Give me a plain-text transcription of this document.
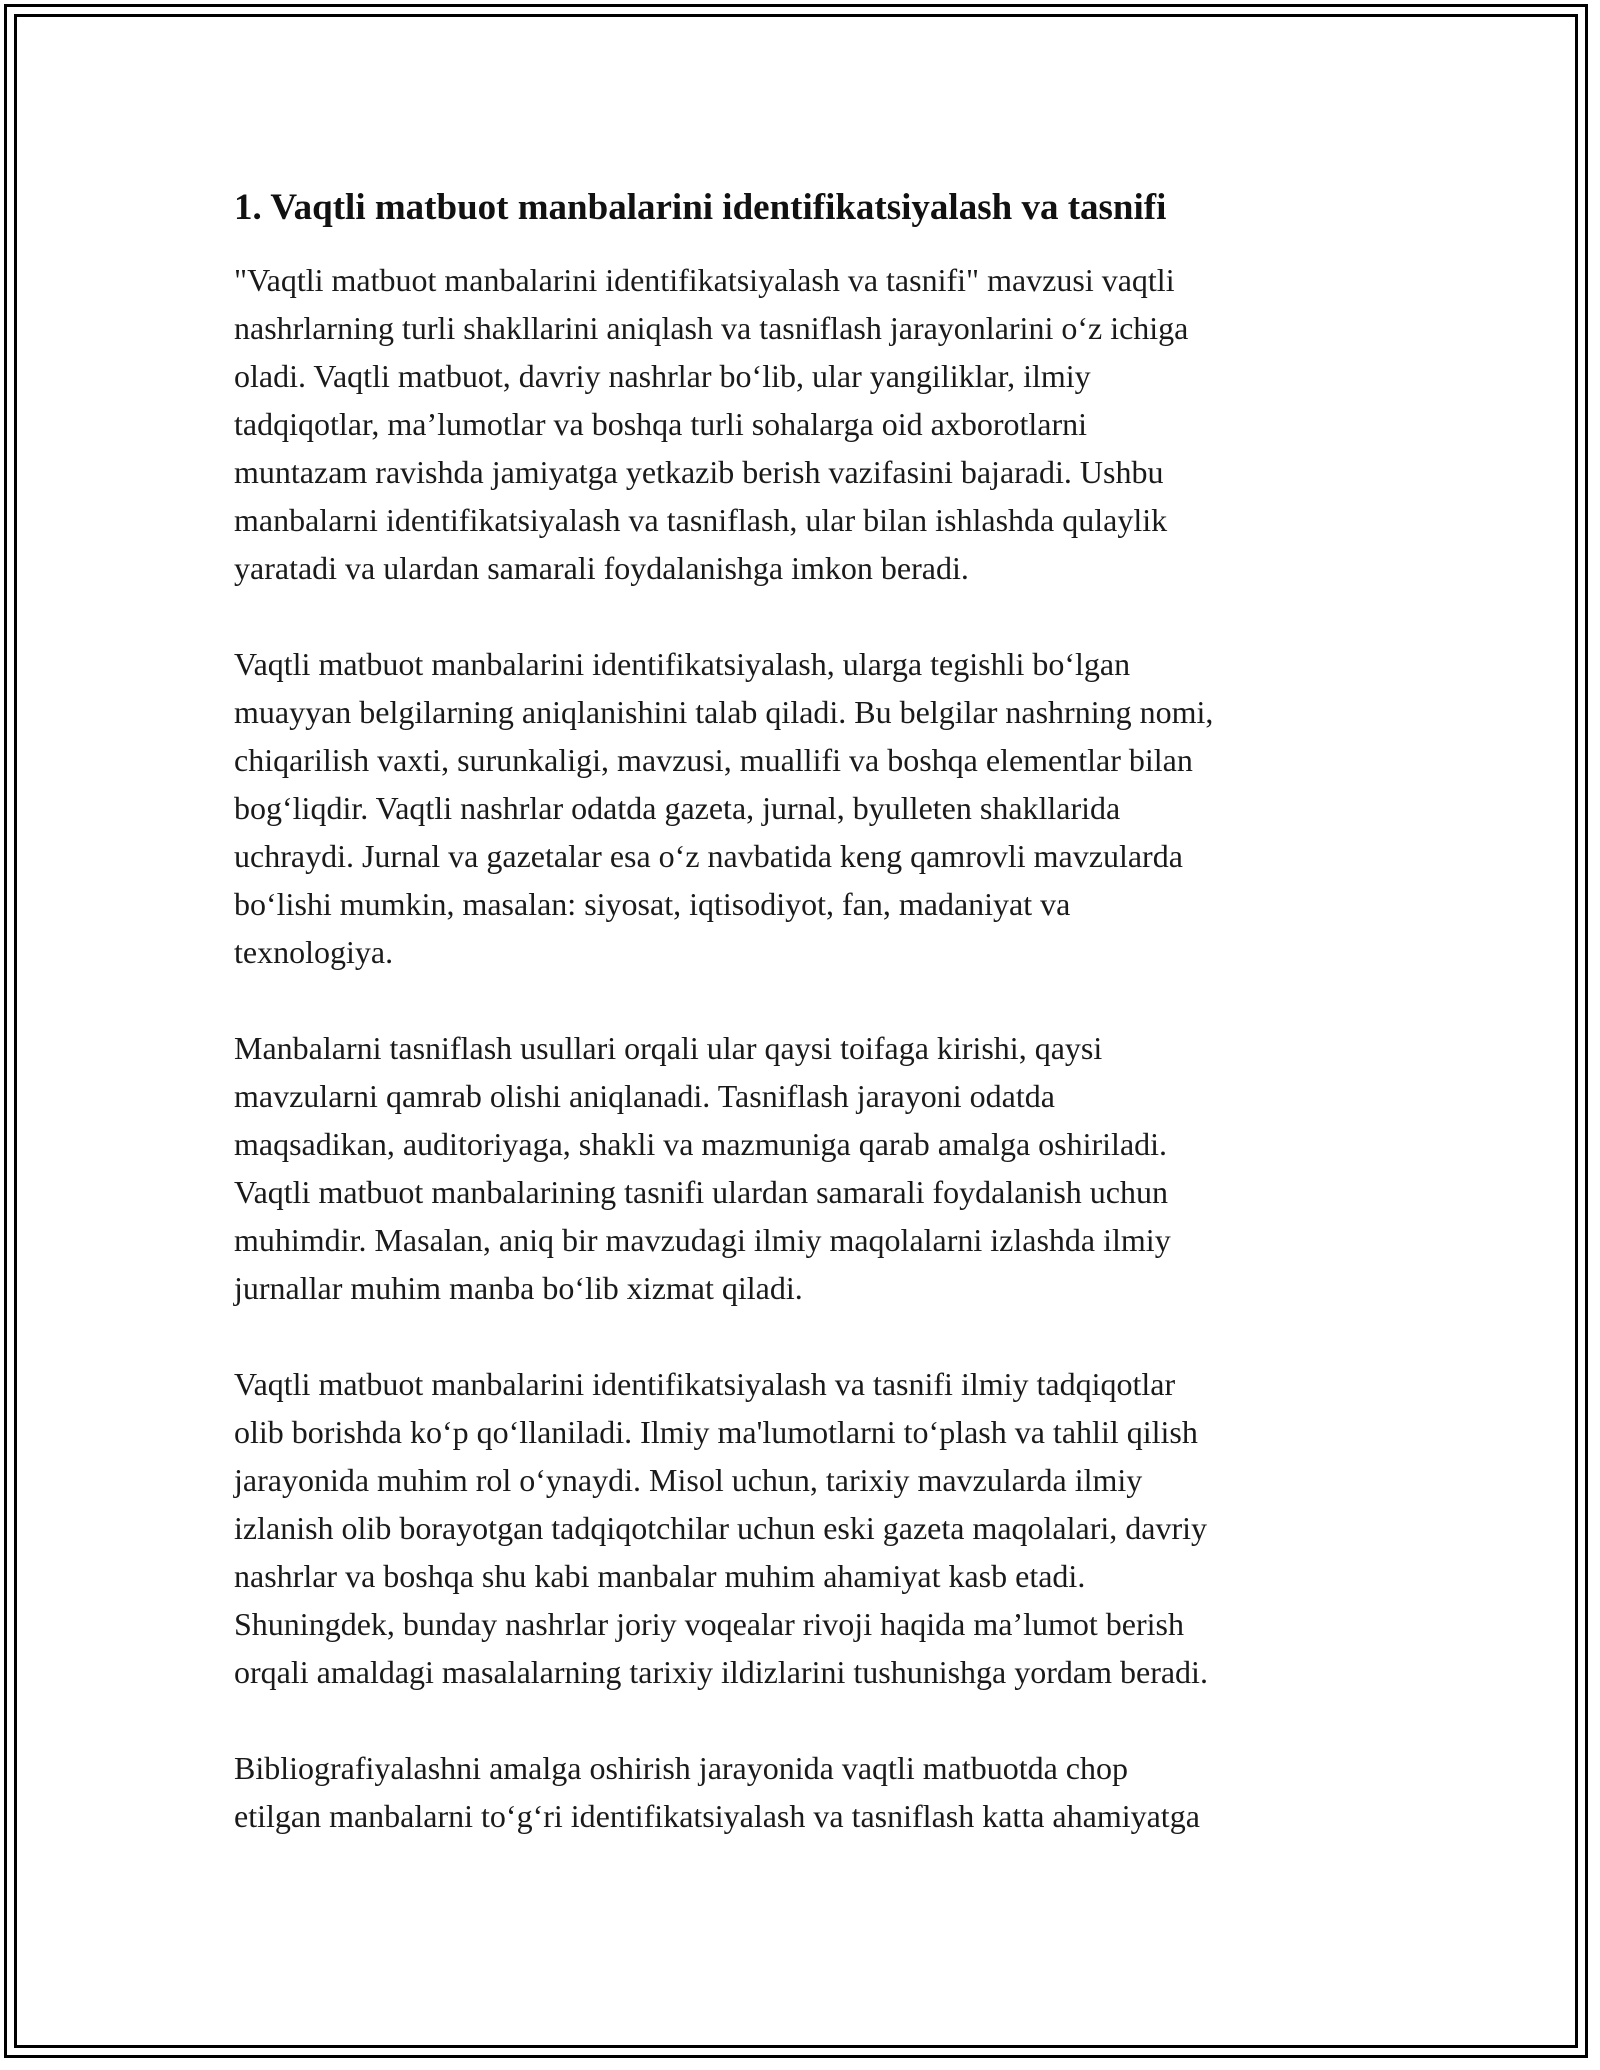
1. Vaqtli matbuot manbalarini identifikatsiyalash va tasnifi
"Vaqtli matbuot manbalarini identifikatsiyalash va tasnifi" mavzusi vaqtli
nashrlarning turli shakllarini aniqlash va tasniflash jarayonlarini o‘z ichiga
oladi. Vaqtli matbuot, davriy nashrlar bo‘lib, ular yangiliklar, ilmiy
tadqiqotlar, ma’lumotlar va boshqa turli sohalarga oid axborotlarni
muntazam ravishda jamiyatga yetkazib berish vazifasini bajaradi. Ushbu
manbalarni identifikatsiyalash va tasniflash, ular bilan ishlashda qulaylik
yaratadi va ulardan samarali foydalanishga imkon beradi.
Vaqtli matbuot manbalarini identifikatsiyalash, ularga tegishli bo‘lgan
muayyan belgilarning aniqlanishini talab qiladi. Bu belgilar nashrning nomi,
chiqarilish vaxti, surunkaligi, mavzusi, muallifi va boshqa elementlar bilan
bog‘liqdir. Vaqtli nashrlar odatda gazeta, jurnal, byulleten shakllarida
uchraydi. Jurnal va gazetalar esa o‘z navbatida keng qamrovli mavzularda
bo‘lishi mumkin, masalan: siyosat, iqtisodiyot, fan, madaniyat va
texnologiya.
Manbalarni tasniflash usullari orqali ular qaysi toifaga kirishi, qaysi
mavzularni qamrab olishi aniqlanadi. Tasniflash jarayoni odatda
maqsadikan, auditoriyaga, shakli va mazmuniga qarab amalga oshiriladi.
Vaqtli matbuot manbalarining tasnifi ulardan samarali foydalanish uchun
muhimdir. Masalan, aniq bir mavzudagi ilmiy maqolalarni izlashda ilmiy
jurnallar muhim manba bo‘lib xizmat qiladi.
Vaqtli matbuot manbalarini identifikatsiyalash va tasnifi ilmiy tadqiqotlar
olib borishda ko‘p qo‘llaniladi. Ilmiy ma'lumotlarni to‘plash va tahlil qilish
jarayonida muhim rol o‘ynaydi. Misol uchun, tarixiy mavzularda ilmiy
izlanish olib borayotgan tadqiqotchilar uchun eski gazeta maqolalari, davriy
nashrlar va boshqa shu kabi manbalar muhim ahamiyat kasb etadi.
Shuningdek, bunday nashrlar joriy voqealar rivoji haqida ma’lumot berish
orqali amaldagi masalalarning tarixiy ildizlarini tushunishga yordam beradi.
Bibliografiyalashni amalga oshirish jarayonida vaqtli matbuotda chop
etilgan manbalarni to‘g‘ri identifikatsiyalash va tasniflash katta ahamiyatga
